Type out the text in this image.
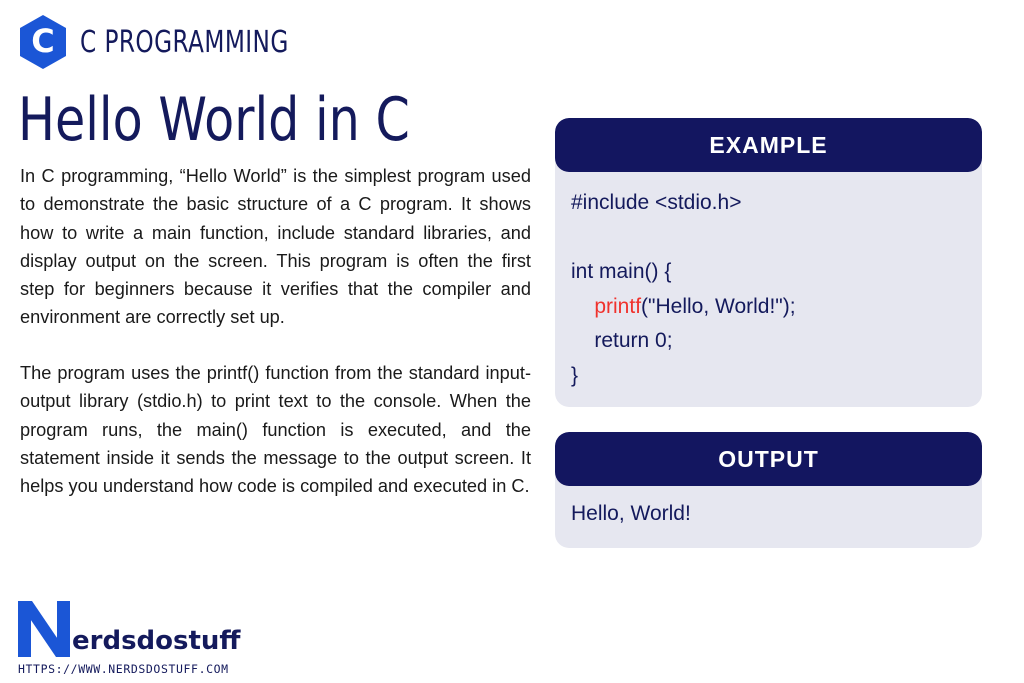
C C PROGRAMMING
Hello World in C

In C programming, “Hello World” is the simplest program used to demonstrate the basic structure of a C program. It shows how to write a main function, include standard libraries, and display output on the screen. This program is often the first step for beginners because it verifies that the compiler and environment are correctly set up.

The program uses the printf() function from the standard input-output library (stdio.h) to print text to the console. When the program runs, the main() function is executed, and the statement inside it sends the message to the output screen. It helps you understand how code is compiled and executed in C.

EXAMPLE
#include <stdio.h>
int main() {
printf("Hello, World!");
return 0;
}
OUTPUT
Hello, World!
erdsdostuff
HTTPS://WWW.NERDSDOSTUFF.COM
